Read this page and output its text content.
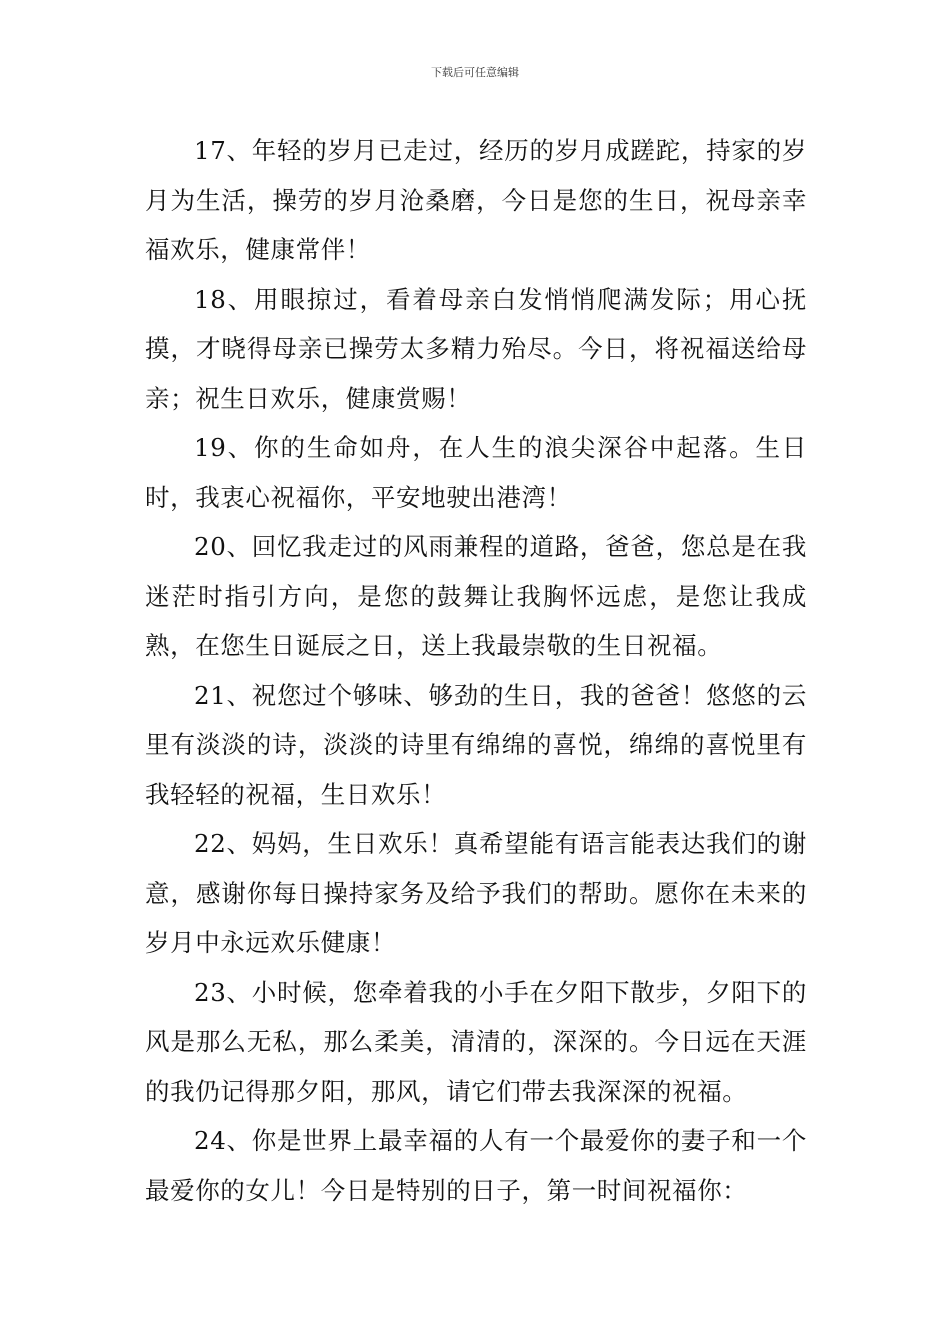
下载后可任意编辑

17、年轻的岁月已走过，经历的岁月成蹉跎，持家的岁月为生活，操劳的岁月沧桑磨，今日是您的生日，祝母亲幸福欢乐，健康常伴！

18、用眼掠过，看着母亲白发悄悄爬满发际；用心抚摸，才晓得母亲已操劳太多精力殆尽。今日，将祝福送给母亲；祝生日欢乐，健康赏赐！

19、你的生命如舟，在人生的浪尖深谷中起落。生日时，我衷心祝福你，平安地驶出港湾！

20、回忆我走过的风雨兼程的道路，爸爸，您总是在我迷茫时指引方向，是您的鼓舞让我胸怀远虑，是您让我成熟，在您生日诞辰之日，送上我最崇敬的生日祝福。

21、祝您过个够味、够劲的生日，我的爸爸！悠悠的云里有淡淡的诗，淡淡的诗里有绵绵的喜悦，绵绵的喜悦里有我轻轻的祝福，生日欢乐！

22、妈妈，生日欢乐！真希望能有语言能表达我们的谢意，感谢你每日操持家务及给予我们的帮助。愿你在未来的岁月中永远欢乐健康！

23、小时候，您牵着我的小手在夕阳下散步，夕阳下的风是那么无私，那么柔美，清清的，深深的。今日远在天涯的我仍记得那夕阳，那风，请它们带去我深深的祝福。

24、你是世界上最幸福的人有一个最爱你的妻子和一个最爱你的女儿！今日是特别的日子，第一时间祝福你：
